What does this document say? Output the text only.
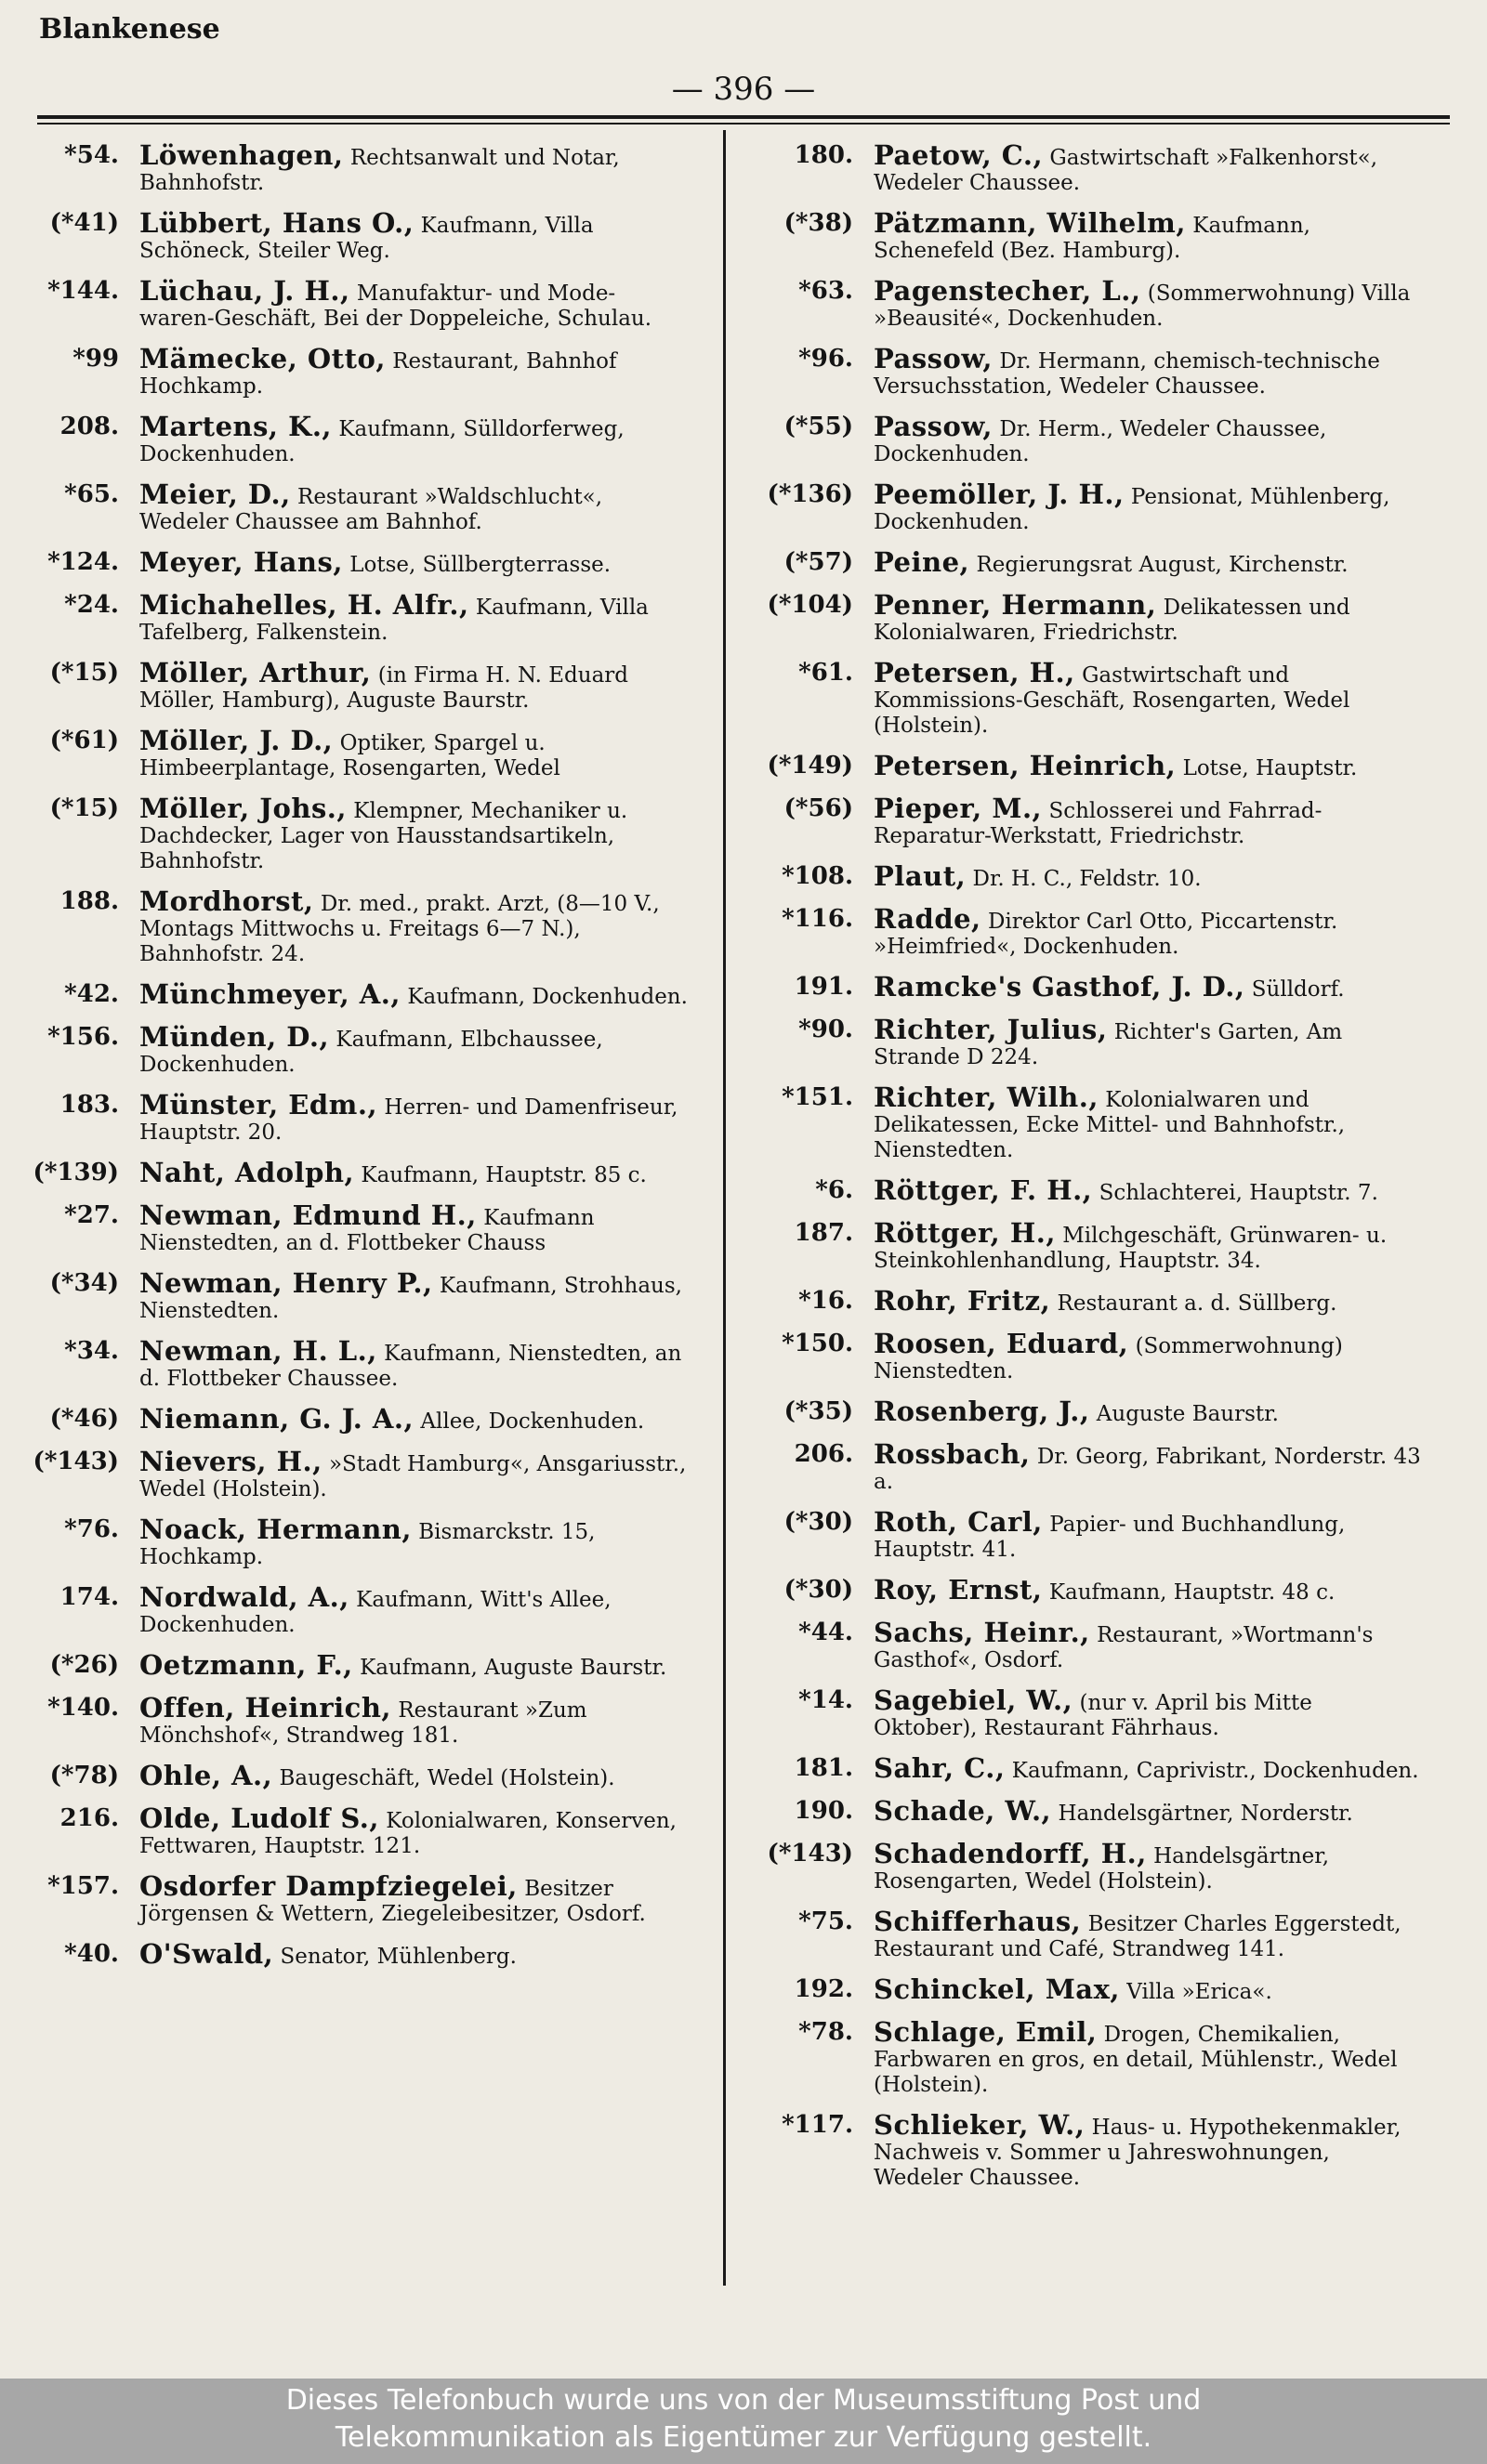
Blankenese
— 396 —
*54. Löwenhagen, Rechtsanwalt und Notar, Bahnhofstr.
(*41) Lübbert, Hans O., Kaufmann, Villa Schöneck, Steiler Weg.
*144. Lüchau, J. H., Manufaktur- und Mode-waren-Geschäft, Bei der Doppeleiche, Schulau.
*99 Mämecke, Otto, Restaurant, Bahnhof Hochkamp.
208. Martens, K., Kaufmann, Sülldorferweg, Dockenhuden.
*65. Meier, D., Restaurant »Waldschlucht«, Wedeler Chaussee am Bahnhof.
*124. Meyer, Hans, Lotse, Süllbergterrasse.
*24. Michahelles, H. Alfr., Kaufmann, Villa Tafelberg, Falkenstein.
(*15) Möller, Arthur, (in Firma H. N. Eduard Möller, Hamburg), Auguste Baurstr.
(*61) Möller, J. D., Optiker, Spargel u. Himbeerplantage, Rosengarten, Wedel
(*15) Möller, Johs., Klempner, Mechaniker u. Dachdecker, Lager von Hausstandsartikeln, Bahnhofstr.
188. Mordhorst, Dr. med., prakt. Arzt, (8—10 V., Montags Mittwochs u. Freitags 6—7 N.), Bahnhofstr. 24.
*42. Münchmeyer, A., Kaufmann, Dockenhuden.
*156. Münden, D., Kaufmann, Elbchaussee, Dockenhuden.
183. Münster, Edm., Herren- und Damenfriseur, Hauptstr. 20.
(*139) Naht, Adolph, Kaufmann, Hauptstr. 85 c.
*27. Newman, Edmund H., Kaufmann Nienstedten, an d. Flottbeker Chauss
(*34) Newman, Henry P., Kaufmann, Strohhaus, Nienstedten.
*34. Newman, H. L., Kaufmann, Nienstedten, an d. Flottbeker Chaussee.
(*46) Niemann, G. J. A., Allee, Dockenhuden.
(*143) Nievers, H., »Stadt Hamburg«, Ansgariusstr., Wedel (Holstein).
*76. Noack, Hermann, Bismarckstr. 15, Hochkamp.
174. Nordwald, A., Kaufmann, Witt's Allee, Dockenhuden.
(*26) Oetzmann, F., Kaufmann, Auguste Baurstr.
*140. Offen, Heinrich, Restaurant »Zum Mönchshof«, Strandweg 181.
(*78) Ohle, A., Baugeschäft, Wedel (Holstein).
216. Olde, Ludolf S., Kolonialwaren, Konserven, Fettwaren, Hauptstr. 121.
*157. Osdorfer Dampfziegelei, Besitzer Jörgensen & Wettern, Ziegeleibesitzer, Osdorf.
*40. O'Swald, Senator, Mühlenberg.
180. Paetow, C., Gastwirtschaft »Falkenhorst«, Wedeler Chaussee.
(*38) Pätzmann, Wilhelm, Kaufmann, Schenefeld (Bez. Hamburg).
*63. Pagenstecher, L., (Sommerwohnung) Villa »Beausité«, Dockenhuden.
*96. Passow, Dr. Hermann, chemisch-technische Versuchsstation, Wedeler Chaussee.
(*55) Passow, Dr. Herm., Wedeler Chaussee, Dockenhuden.
(*136) Peemöller, J. H., Pensionat, Mühlenberg, Dockenhuden.
(*57) Peine, Regierungsrat August, Kirchenstr.
(*104) Penner, Hermann, Delikatessen und Kolonialwaren, Friedrichstr.
*61. Petersen, H., Gastwirtschaft und Kommissions-Geschäft, Rosengarten, Wedel (Holstein).
(*149) Petersen, Heinrich, Lotse, Hauptstr.
(*56) Pieper, M., Schlosserei und Fahrrad-Reparatur-Werkstatt, Friedrichstr.
*108. Plaut, Dr. H. C., Feldstr. 10.
*116. Radde, Direktor Carl Otto, Piccartenstr. »Heimfried«, Dockenhuden.
191. Ramcke's Gasthof, J. D., Sülldorf.
*90. Richter, Julius, Richter's Garten, Am Strande D 224.
*151. Richter, Wilh., Kolonialwaren und Delikatessen, Ecke Mittel- und Bahnhofstr., Nienstedten.
*6. Röttger, F. H., Schlachterei, Hauptstr. 7.
187. Röttger, H., Milchgeschäft, Grünwaren- u. Steinkohlenhandlung, Hauptstr. 34.
*16. Rohr, Fritz, Restaurant a. d. Süllberg.
*150. Roosen, Eduard, (Sommerwohnung) Nienstedten.
(*35) Rosenberg, J., Auguste Baurstr.
206. Rossbach, Dr. Georg, Fabrikant, Norderstr. 43 a.
(*30) Roth, Carl, Papier- und Buchhandlung, Hauptstr. 41.
(*30) Roy, Ernst, Kaufmann, Hauptstr. 48 c.
*44. Sachs, Heinr., Restaurant, »Wortmann's Gasthof«, Osdorf.
*14. Sagebiel, W., (nur v. April bis Mitte Oktober), Restaurant Fährhaus.
181. Sahr, C., Kaufmann, Caprivistr., Dockenhuden.
190. Schade, W., Handelsgärtner, Norderstr.
(*143) Schadendorff, H., Handelsgärtner, Rosengarten, Wedel (Holstein).
*75. Schifferhaus, Besitzer Charles Eggerstedt, Restaurant und Café, Strandweg 141.
192. Schinckel, Max, Villa »Erica«.
*78. Schlage, Emil, Drogen, Chemikalien, Farbwaren en gros, en detail, Mühlenstr., Wedel (Holstein).
*117. Schlieker, W., Haus- u. Hypothekenmakler, Nachweis v. Sommer u Jahreswohnungen, Wedeler Chaussee.
Dieses Telefonbuch wurde uns von der Museumsstiftung Post und
Telekommunikation als Eigentümer zur Verfügung gestellt.
